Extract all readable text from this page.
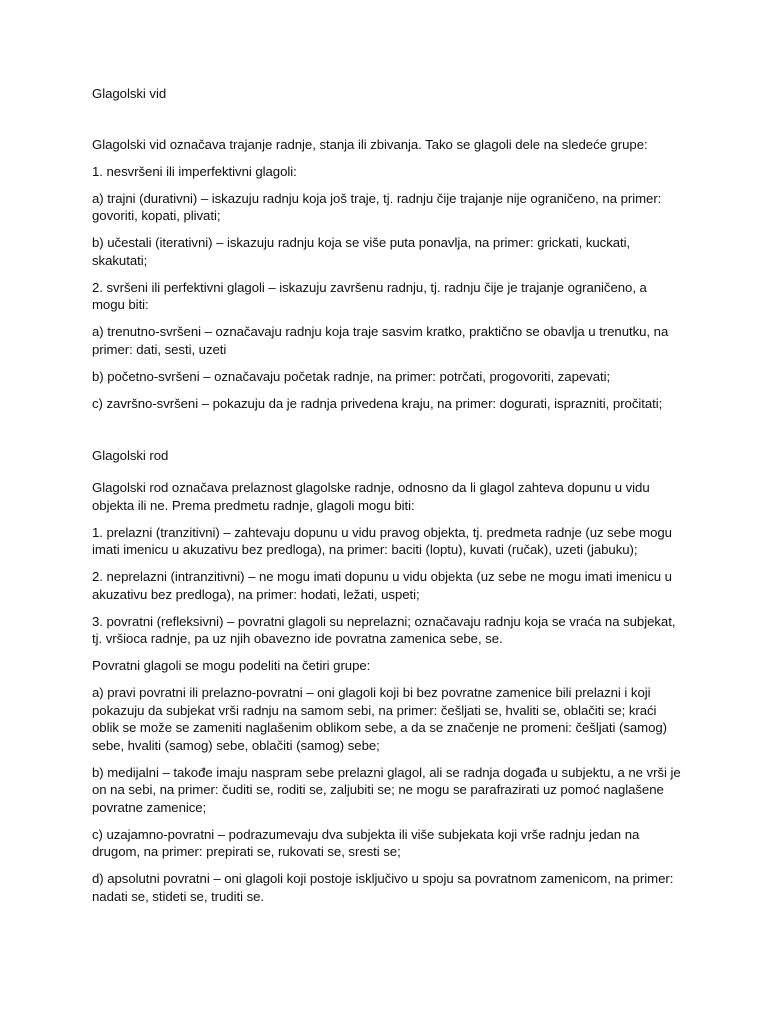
Glagolski vid

Glagolski vid označava trajanje radnje, stanja ili zbivanja. Tako se glagoli dele na sledeće grupe:

1. nesvršeni ili imperfektivni glagoli:

a) trajni (durativni) – iskazuju radnju koja još traje, tj. radnju čije trajanje nije ograničeno, na primer: govoriti, kopati, plivati;

b) učestali (iterativni) – iskazuju radnju koja se više puta ponavlja, na primer: grickati, kuckati, skakutati;

2. svršeni ili perfektivni glagoli – iskazuju završenu radnju, tj. radnju čije je trajanje ograničeno, a mogu biti:

a) trenutno-svršeni – označavaju radnju koja traje sasvim kratko, praktično se obavlja u trenutku, na primer: dati, sesti, uzeti

b) početno-svršeni – označavaju početak radnje, na primer: potrčati, progovoriti, zapevati;

c) završno-svršeni – pokazuju da je radnja privedena kraju, na primer: dogurati, isprazniti, pročitati;

Glagolski rod

Glagolski rod označava prelaznost glagolske radnje, odnosno da li glagol zahteva dopunu u vidu objekta ili ne. Prema predmetu radnje, glagoli mogu biti:

1. prelazni (tranzitivni) – zahtevaju dopunu u vidu pravog objekta, tj. predmeta radnje (uz sebe mogu imati imenicu u akuzativu bez predloga), na primer: baciti (loptu), kuvati (ručak), uzeti (jabuku);

2. neprelazni (intranzitivni) – ne mogu imati dopunu u vidu objekta (uz sebe ne mogu imati imenicu u akuzativu bez predloga), na primer: hodati, ležati, uspeti;

3. povratni (refleksivni) – povratni glagoli su neprelazni; označavaju radnju koja se vraća na subjekat, tj. vršioca radnje, pa uz njih obavezno ide povratna zamenica sebe, se.

Povratni glagoli se mogu podeliti na četiri grupe:

a) pravi povratni ili prelazno-povratni – oni glagoli koji bi bez povratne zamenice bili prelazni i koji pokazuju da subjekat vrši radnju na samom sebi, na primer: češljati se, hvaliti se, oblačiti se; kraći oblik se može se zameniti naglašenim oblikom sebe, a da se značenje ne promeni: češljati (samog) sebe, hvaliti (samog) sebe, oblačiti (samog) sebe;

b) medijalni – takođe imaju naspram sebe prelazni glagol, ali se radnja događa u subjektu, a ne vrši je on na sebi, na primer: čuditi se, roditi se, zaljubiti se; ne mogu se parafrazirati uz pomoć naglašene povratne zamenice;

c) uzajamno-povratni – podrazumevaju dva subjekta ili više subjekata koji vrše radnju jedan na drugom, na primer: prepirati se, rukovati se, sresti se;

d) apsolutni povratni – oni glagoli koji postoje isključivo u spoju sa povratnom zamenicom, na primer: nadati se, stideti se, truditi se.
